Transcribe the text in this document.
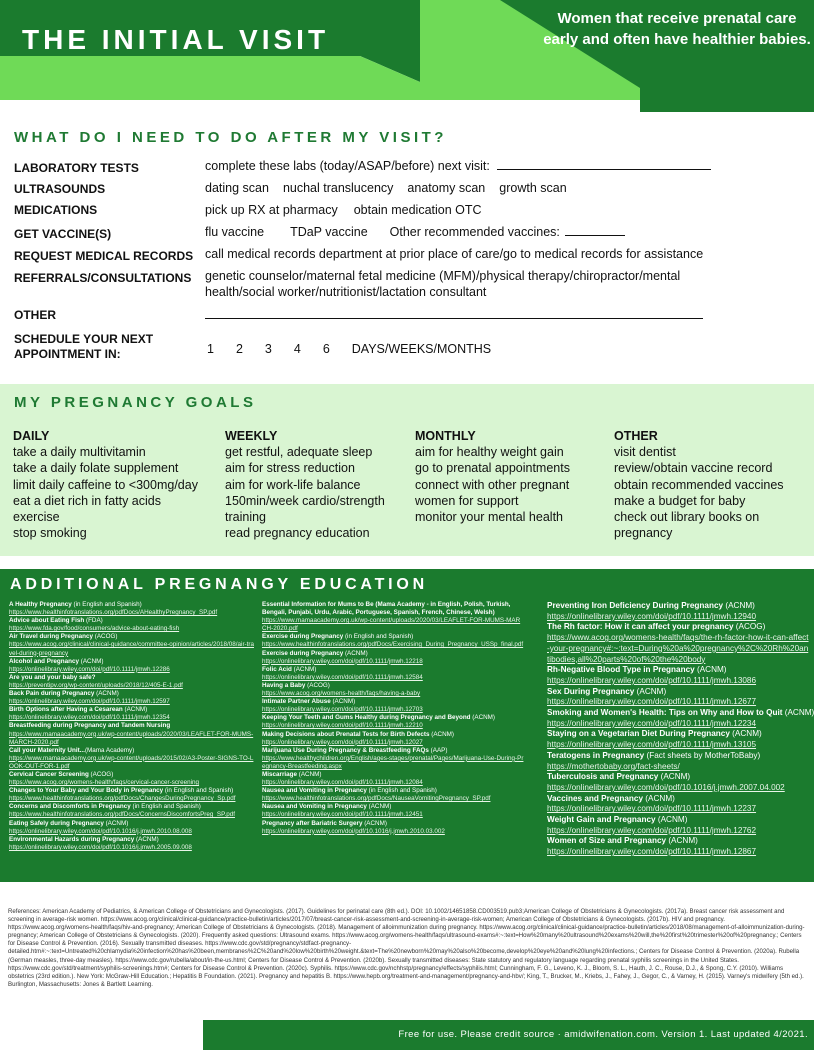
THE INITIAL VISIT
Women that receive prenatal care early and often have healthier babies.
WHAT DO I NEED TO DO AFTER MY VISIT?
LABORATORY TESTS	complete these labs (today/ASAP/before) next visit:
ULTRASOUNDS	dating scan nuchal translucency anatomy scan growth scan
MEDICATIONS	pick up RX at pharmacy obtain medication OTC
GET VACCINE(S)	flu vaccine TDaP vaccine Other recommended vaccines:
REQUEST MEDICAL RECORDS call medical records department at prior place of care/go to medical records for assistance
REFERRALS/CONSULTATIONS genetic counselor/maternal fetal medicine (MFM)/physical therapy/chiropractor/mental
health/social worker/nutritionist/lactation consultant
OTHER
SCHEDULE YOUR NEXT
APPOINTMENT IN:	1 2 3 4 6 DAYS/WEEKS/MONTHS
MY PREGNANCY GOALS
DAILY
take a daily multivitamin
take a daily folate supplement
limit daily caffeine to <300mg/day
eat a diet rich in fatty acids
exercise
stop smoking
WEEKLY
get restful, adequate sleep
aim for stress reduction
aim for work-life balance
150min/week cardio/strength
training
read pregnancy education
MONTHLY
aim for healthy weight gain
go to prenatal appointments
connect with other pregnant
women for support
monitor your mental health
OTHER
visit dentist
review/obtain vaccine record
obtain recommended vaccines
make a budget for baby
check out library books on
pregnancy
ADDITIONAL PREGNANGY EDUCATION
A Healthy Pregnancy (in English and Spanish)
https://www.healthinfotranslations.org/pdfDocs/AHealthyPregnancy_SP.pdf
Advice about Eating Fish (FDA)
https://www.fda.gov/food/consumers/advice-about-eating-fish
Air Travel during Pregnancy (ACOG)
https://www.acog.org/clinical/clinical-guidance/committee-opinion/articles/2018/08/air-travel-during-pregnancy
Alcohol and Pregnancy (ACNM)
https://onlinelibrary.wiley.com/doi/pdf/10.1111/jmwh.12286
Are you and your baby safe?
https://preventipv.org/wp-content/uploads/2018/12/405-E-1.pdf
Back Pain during Pregnancy (ACNM)
https://onlinelibrary.wiley.com/doi/pdf/10.1111/jmwh.12597
Birth Options after Having a Cesarean (ACNM)
https://onlinelibrary.wiley.com/doi/pdf/10.1111/jmwh.12354
Breastfeeding during Pregnancy and Tandem Nursing
https://www.mamaacademy.org.uk/wp-content/uploads/2020/03/LEAFLET-FOR-MUMS-MARCH-2020.pdf
Call your Maternity Unit...(Mama Academy)
https://www.mamaacademy.org.uk/wp-content/uploads/2015/02/A3-Poster-SIGNS-TO-LOOK-OUT-FOR-1.pdf
Cervical Cancer Screening (ACOG)
https://www.acog.org/womens-health/faqs/cervical-cancer-screening
Changes to Your Baby and Your Body in Pregnancy (in English and Spanish)
https://www.healthinfotranslations.org/pdfDocs/ChangesDuringPregnancy_Sp.pdf
Concerns and Discomforts in Pregnancy (in English and Spanish)
https://www.healthinfotranslations.org/pdfDocs/ConcernsDiscomfortsPreg_SP.pdf
Eating Safely during Pregnancy (ACNM)
https://onlinelibrary.wiley.com/doi/pdf/10.1016/j.jmwh.2010.08.008
Environmental Hazards during Pregnancy (ACNM)
https://onlinelibrary.wiley.com/doi/pdf/10.1016/j.jmwh.2005.09.008
Essential Information for Mums to Be (Mama Academy - in English, Polish, Turkish, Bengali, Punjabi, Urdu, Arabic, Portuguese, Spanish, French, Chinese, Welsh)
https://www.mamaacademy.org.uk/wp-content/uploads/2020/03/LEAFLET-FOR-MUMS-MARCH-2020.pdf
Exercise during Pregnancy (in English and Spanish)
https://www.healthinfotranslations.org/pdfDocs/Exercising_During_Pregnancy_USSp_final.pdf
Exercise during Pregnancy (ACNM)
https://onlinelibrary.wiley.com/doi/pdf/10.1111/jmwh.12218
Folic Acid (ACNM)
https://onlinelibrary.wiley.com/doi/pdf/10.1111/jmwh.12584
Having a Baby (ACOG)
https://www.acog.org/womens-health/faqs/having-a-baby
Intimate Partner Abuse (ACNM)
https://onlinelibrary.wiley.com/doi/pdf/10.1111/jmwh.12703
Keeping Your Teeth and Gums Healthy during Pregnancy and Beyond (ACNM)
https://onlinelibrary.wiley.com/doi/pdf/10.1111/jmwh.12210
Making Decisions about Prenatal Tests for Birth Defects (ACNM)
https://onlinelibrary.wiley.com/doi/pdf/10.1111/jmwh.12027
Marijuana Use During Pregnancy & Breastfeeding FAQs (AAP)
https://www.healthychildren.org/English/ages-stages/prenatal/Pages/Marijuana-Use-During-Pregnancy-Breastfeeding.aspx
Miscarriage (ACNM)
https://onlinelibrary.wiley.com/doi/pdf/10.1111/jmwh.12084
Nausea and Vomiting in Pregnancy (in English and Spanish)
https://www.healthinfotranslations.org/pdfDocs/NauseaVomitingPregnancy_SP.pdf
Nausea and Vomiting in Pregnancy (ACNM)
https://onlinelibrary.wiley.com/doi/pdf/10.1111/jmwh.12451
Pregnancy after Bariatric Surgery (ACNM)
https://onlinelibrary.wiley.com/doi/pdf/10.1016/j.jmwh.2010.03.002
Preventing Iron Deficiency During Pregnancy (ACNM)
https://onlinelibrary.wiley.com/doi/pdf/10.1111/jmwh.12940
The Rh factor: How it can affect your pregnancy (ACOG)
https://www.acog.org/womens-health/faqs/the-rh-factor-how-it-can-affect-your-pregnancy#:~:text=During%20a%20pregnancy%2C%20Rh%20antibodies,all%20parts%20of%20the%20body
Rh-Negative Blood Type in Pregnancy (ACNM)
https://onlinelibrary.wiley.com/doi/pdf/10.1111/jmwh.13086
Sex During Pregnancy (ACNM)
https://onlinelibrary.wiley.com/doi/pdf/10.1111/jmwh.12677
Smoking and Women's Health: Tips on Why and How to Quit (ACNM)
https://onlinelibrary.wiley.com/doi/pdf/10.1111/jmwh.12234
Staying on a Vegetarian Diet During Pregnancy (ACNM)
https://onlinelibrary.wiley.com/doi/pdf/10.1111/jmwh.13105
Teratogens in Pregnancy (Fact sheets by MotherToBaby)
https://mothertobaby.org/fact-sheets/
Tuberculosis and Pregnancy (ACNM)
https://onlinelibrary.wiley.com/doi/pdf/10.1016/j.jmwh.2007.04.002
Vaccines and Pregnancy (ACNM)
https://onlinelibrary.wiley.com/doi/pdf/10.1111/jmwh.12237
Weight Gain and Pregnancy (ACNM)
https://onlinelibrary.wiley.com/doi/pdf/10.1111/jmwh.12762
Women of Size and Pregnancy (ACNM)
https://onlinelibrary.wiley.com/doi/pdf/10.1111/jmwh.12867
References: American Academy of Pediatrics, & American College of Obstetricians and Gynecologists. (2017). Guidelines for perinatal care (8th ed.). DOI: 10.1002/14651858.CD003519.pub3;American College of Obstetricians & Gynecologists. (2017a). Breast cancer risk assessment and screening in average-risk women. https://www.acog.org/clinical/clinical-guidance/practice-bulletin/articles/2017/07/breast-cancer-risk-assessment-and-screening-in-average-risk-women; American College of Obstetricians & Gynecologists. (2017b). HIV and pregnancy. https://www.acog.org/womens-health/faqs/hiv-and-pregnancy; American College of Obstetricians & Gynecologists. (2018). Management of alloimmunization during pregnancy. https://www.acog.org/clinical/clinical-guidance/practice-bulletin/articles/2018/08/management-of-alloimmunization-during-pregnancy; American College of Obstetricians & Gynecologists. (2020). Frequently asked questions: Ultrasound exams. https://www.acog.org/womens-health/faqs/ultrasound-exams#:~:text=How%20many%20ultrasound%20exams%20will,the%20first%20trimester%20of%20pregnancy.; Centers for Disease Control & Prevention. (2016). Sexually transmitted diseases. https://www.cdc.gov/std/pregnancy/stdfact-pregnancy-detailed.htm#:~:text=Untreated%20chlamydia%20infection%20has%20been,membranes%2C%20and%20low%20birth%20weight.&text=The%20newborn%20may%20also%20become,develop%20eye%20and%20lung%20infections.; Centers for Disease Control & Prevention. (2020a). Rubella (German measles, three-day measles). https://www.cdc.gov/rubella/about/in-the-us.html; Centers for Disease Control & Prevention. (2020b). Sexually transmitted diseases: State statutory and regulatory language regarding prenatal syphilis screenings in the United States. https://www.cdc.gov/std/treatment/syphilis-screenings.htm#; Centers for Disease Control & Prevention. (2020c). Syphilis. https://www.cdc.gov/nchhstp/pregnancy/effects/syphilis.html; Cunningham, F. G., Leveno, K. J., Bloom, S. L., Hauth, J. C., Rouse, D.J., & Spong, C.Y. (2010). Williams obstetrics (23rd edition.). New York: McGraw-Hill Education.; Hepatitis B Foundation. (2021). Pregnancy and hepatitis B. https://www.hepb.org/treatment-and-management/pregnancy-and-hbv/; King, T., Brucker, M., Kriebs, J., Fahey, J., Gegor, C., & Varney, H. (2015). Varney's midwifery (5th ed.). Burlington, Massachusetts: Jones & Bartlett Learning.
Free for use. Please credit source · amidwifenation.com. Version 1. Last updated 4/2021.
